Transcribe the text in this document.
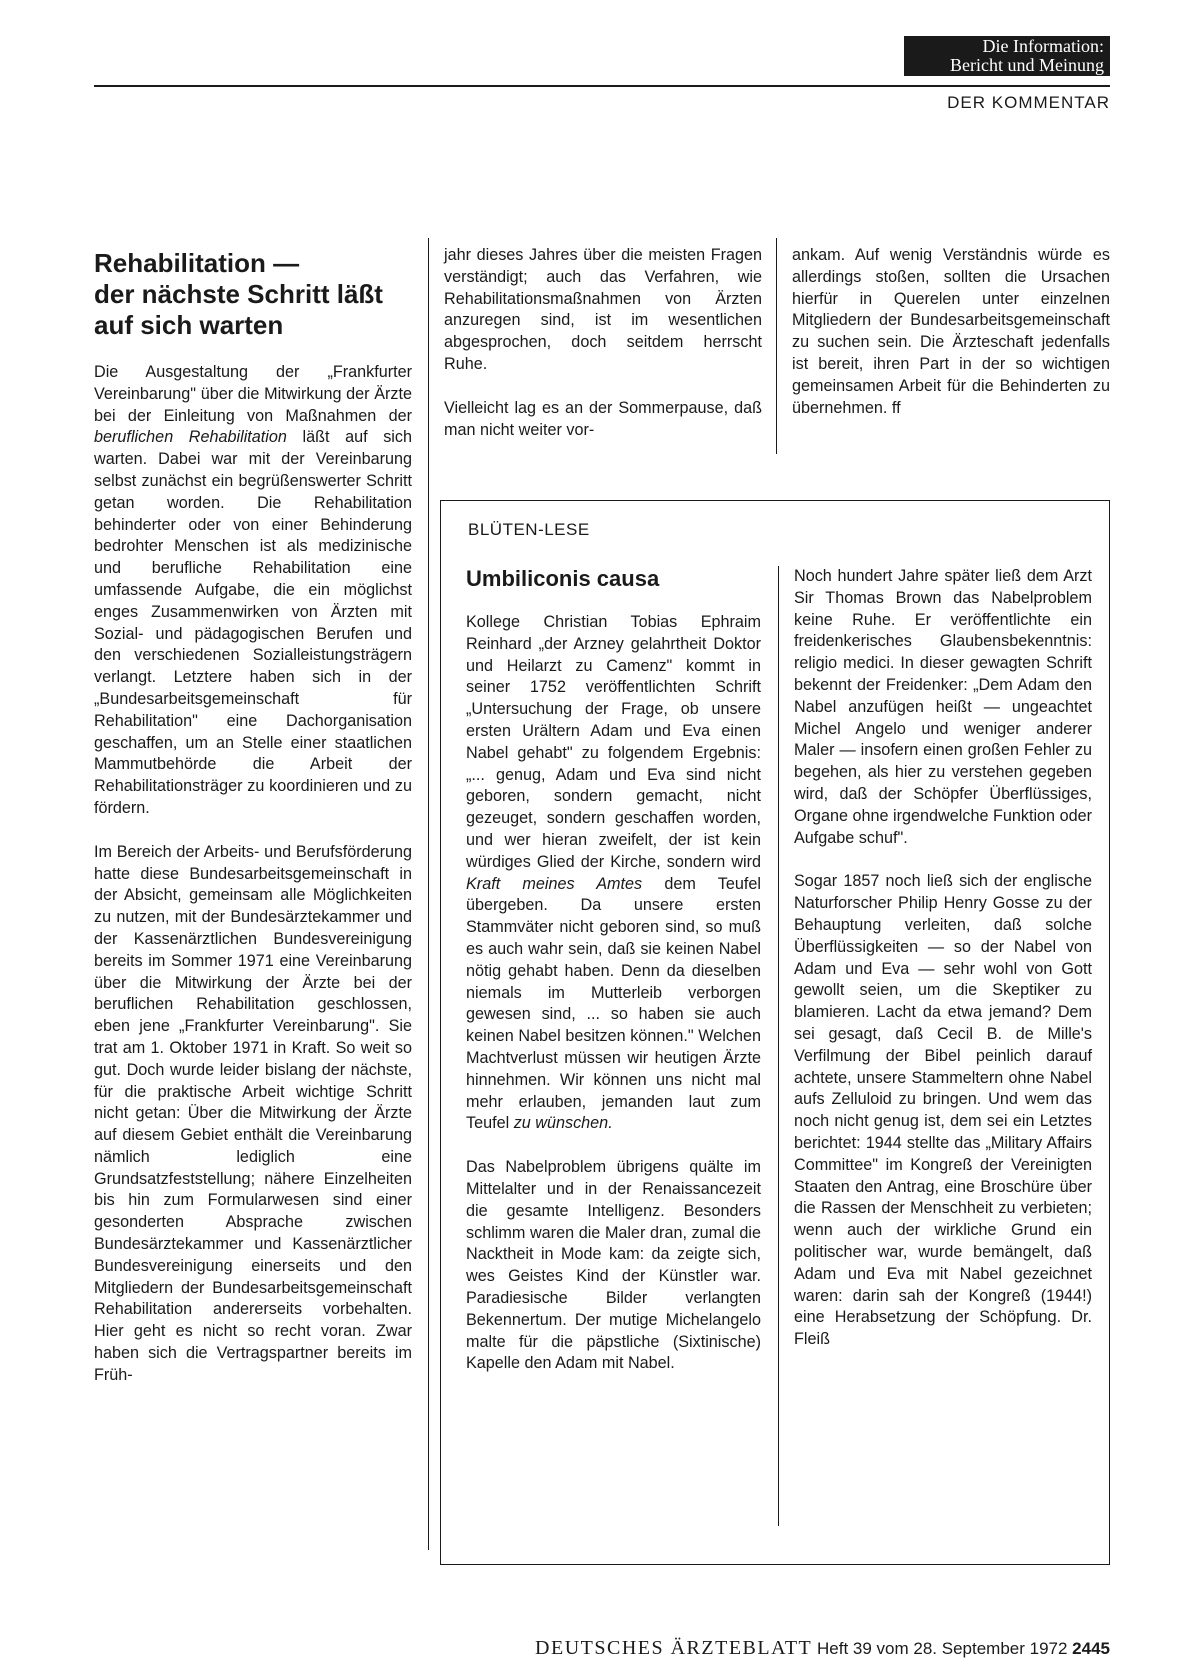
Die Information:
Bericht und Meinung
DER KOMMENTAR
Rehabilitation —
der nächste Schritt läßt
auf sich warten

Die Ausgestaltung der „Frankfurter Vereinbarung" über die Mitwirkung der Ärzte bei der Einleitung von Maßnahmen der beruflichen Rehabilitation läßt auf sich warten. Dabei war mit der Vereinbarung selbst zunächst ein begrüßenswerter Schritt getan worden. Die Rehabilitation behinderter oder von einer Behinderung bedrohter Menschen ist als medizinische und berufliche Rehabilitation eine umfassende Aufgabe, die ein möglichst enges Zusammenwirken von Ärzten mit Sozial- und pädagogischen Berufen und den verschiedenen Sozialleistungsträgern verlangt. Letztere haben sich in der „Bundesarbeitsgemeinschaft für Rehabilitation" eine Dachorganisation geschaffen, um an Stelle einer staatlichen Mammutbehörde die Arbeit der Rehabilitationsträger zu koordinieren und zu fördern.

Im Bereich der Arbeits- und Berufsförderung hatte diese Bundesarbeitsgemeinschaft in der Absicht, gemeinsam alle Möglichkeiten zu nutzen, mit der Bundesärztekammer und der Kassenärztlichen Bundesvereinigung bereits im Sommer 1971 eine Vereinbarung über die Mitwirkung der Ärzte bei der beruflichen Rehabilitation geschlossen, eben jene „Frankfurter Vereinbarung". Sie trat am 1. Oktober 1971 in Kraft. So weit so gut. Doch wurde leider bislang der nächste, für die praktische Arbeit wichtige Schritt nicht getan: Über die Mitwirkung der Ärzte auf diesem Gebiet enthält die Vereinbarung nämlich lediglich eine Grundsatzfeststellung; nähere Einzelheiten bis hin zum Formularwesen sind einer gesonderten Absprache zwischen Bundesärztekammer und Kassenärztlicher Bundesvereinigung einerseits und den Mitgliedern der Bundesarbeitsgemeinschaft Rehabilitation andererseits vorbehalten. Hier geht es nicht so recht voran. Zwar haben sich die Vertragspartner bereits im Früh-

jahr dieses Jahres über die meisten Fragen verständigt; auch das Verfahren, wie Rehabilitationsmaßnahmen von Ärzten anzuregen sind, ist im wesentlichen abgesprochen, doch seitdem herrscht Ruhe.

Vielleicht lag es an der Sommerpause, daß man nicht weiter vor-

ankam. Auf wenig Verständnis würde es allerdings stoßen, sollten die Ursachen hierfür in Querelen unter einzelnen Mitgliedern der Bundesarbeitsgemeinschaft zu suchen sein. Die Ärzteschaft jedenfalls ist bereit, ihren Part in der so wichtigen gemeinsamen Arbeit für die Behinderten zu übernehmen. ff

BLÜTEN-LESE
Umbiliconis causa

Kollege Christian Tobias Ephraim Reinhard „der Arzney gelahrtheit Doktor und Heilarzt zu Camenz" kommt in seiner 1752 veröffentlichten Schrift „Untersuchung der Frage, ob unsere ersten Urältern Adam und Eva einen Nabel gehabt" zu folgendem Ergebnis: „... genug, Adam und Eva sind nicht geboren, sondern gemacht, nicht gezeuget, sondern geschaffen worden, und wer hieran zweifelt, der ist kein würdiges Glied der Kirche, sondern wird Kraft meines Amtes dem Teufel übergeben. Da unsere ersten Stammväter nicht geboren sind, so muß es auch wahr sein, daß sie keinen Nabel nötig gehabt haben. Denn da dieselben niemals im Mutterleib verborgen gewesen sind, ... so haben sie auch keinen Nabel besitzen können." Welchen Machtverlust müssen wir heutigen Ärzte hinnehmen. Wir können uns nicht mal mehr erlauben, jemanden laut zum Teufel zu wünschen.

Das Nabelproblem übrigens quälte im Mittelalter und in der Renaissancezeit die gesamte Intelligenz. Besonders schlimm waren die Maler dran, zumal die Nacktheit in Mode kam: da zeigte sich, wes Geistes Kind der Künstler war. Paradiesische Bilder verlangten Bekennertum. Der mutige Michelangelo malte für die päpstliche (Sixtinische) Kapelle den Adam mit Nabel.

Noch hundert Jahre später ließ dem Arzt Sir Thomas Brown das Nabelproblem keine Ruhe. Er veröffentlichte ein freidenkerisches Glaubensbekenntnis: religio medici. In dieser gewagten Schrift bekennt der Freidenker: „Dem Adam den Nabel anzufügen heißt — ungeachtet Michel Angelo und weniger anderer Maler — insofern einen großen Fehler zu begehen, als hier zu verstehen gegeben wird, daß der Schöpfer Überflüssiges, Organe ohne irgendwelche Funktion oder Aufgabe schuf".

Sogar 1857 noch ließ sich der englische Naturforscher Philip Henry Gosse zu der Behauptung verleiten, daß solche Überflüssigkeiten — so der Nabel von Adam und Eva — sehr wohl von Gott gewollt seien, um die Skeptiker zu blamieren. Lacht da etwa jemand? Dem sei gesagt, daß Cecil B. de Mille's Verfilmung der Bibel peinlich darauf achtete, unsere Stammeltern ohne Nabel aufs Zelluloid zu bringen. Und wem das noch nicht genug ist, dem sei ein Letztes berichtet: 1944 stellte das „Military Affairs Committee" im Kongreß der Vereinigten Staaten den Antrag, eine Broschüre über die Rassen der Menschheit zu verbieten; wenn auch der wirkliche Grund ein politischer war, wurde bemängelt, daß Adam und Eva mit Nabel gezeichnet waren: darin sah der Kongreß (1944!) eine Herabsetzung der Schöpfung. Dr. Fleiß

DEUTSCHES ÄRZTEBLATT Heft 39 vom 28. September 1972 2445
